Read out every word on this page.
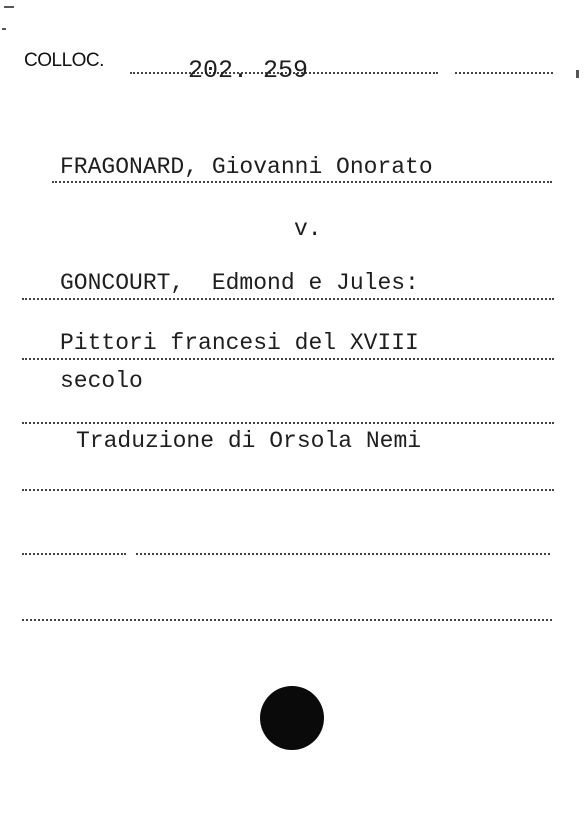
COLLOC.	202. 259
FRAGONARD, Giovanni Onorato
v.
GONCOURT,  Edmond e Jules:
Pittori francesi del XVIII
secolo
Traduzione di Orsola Nemi
